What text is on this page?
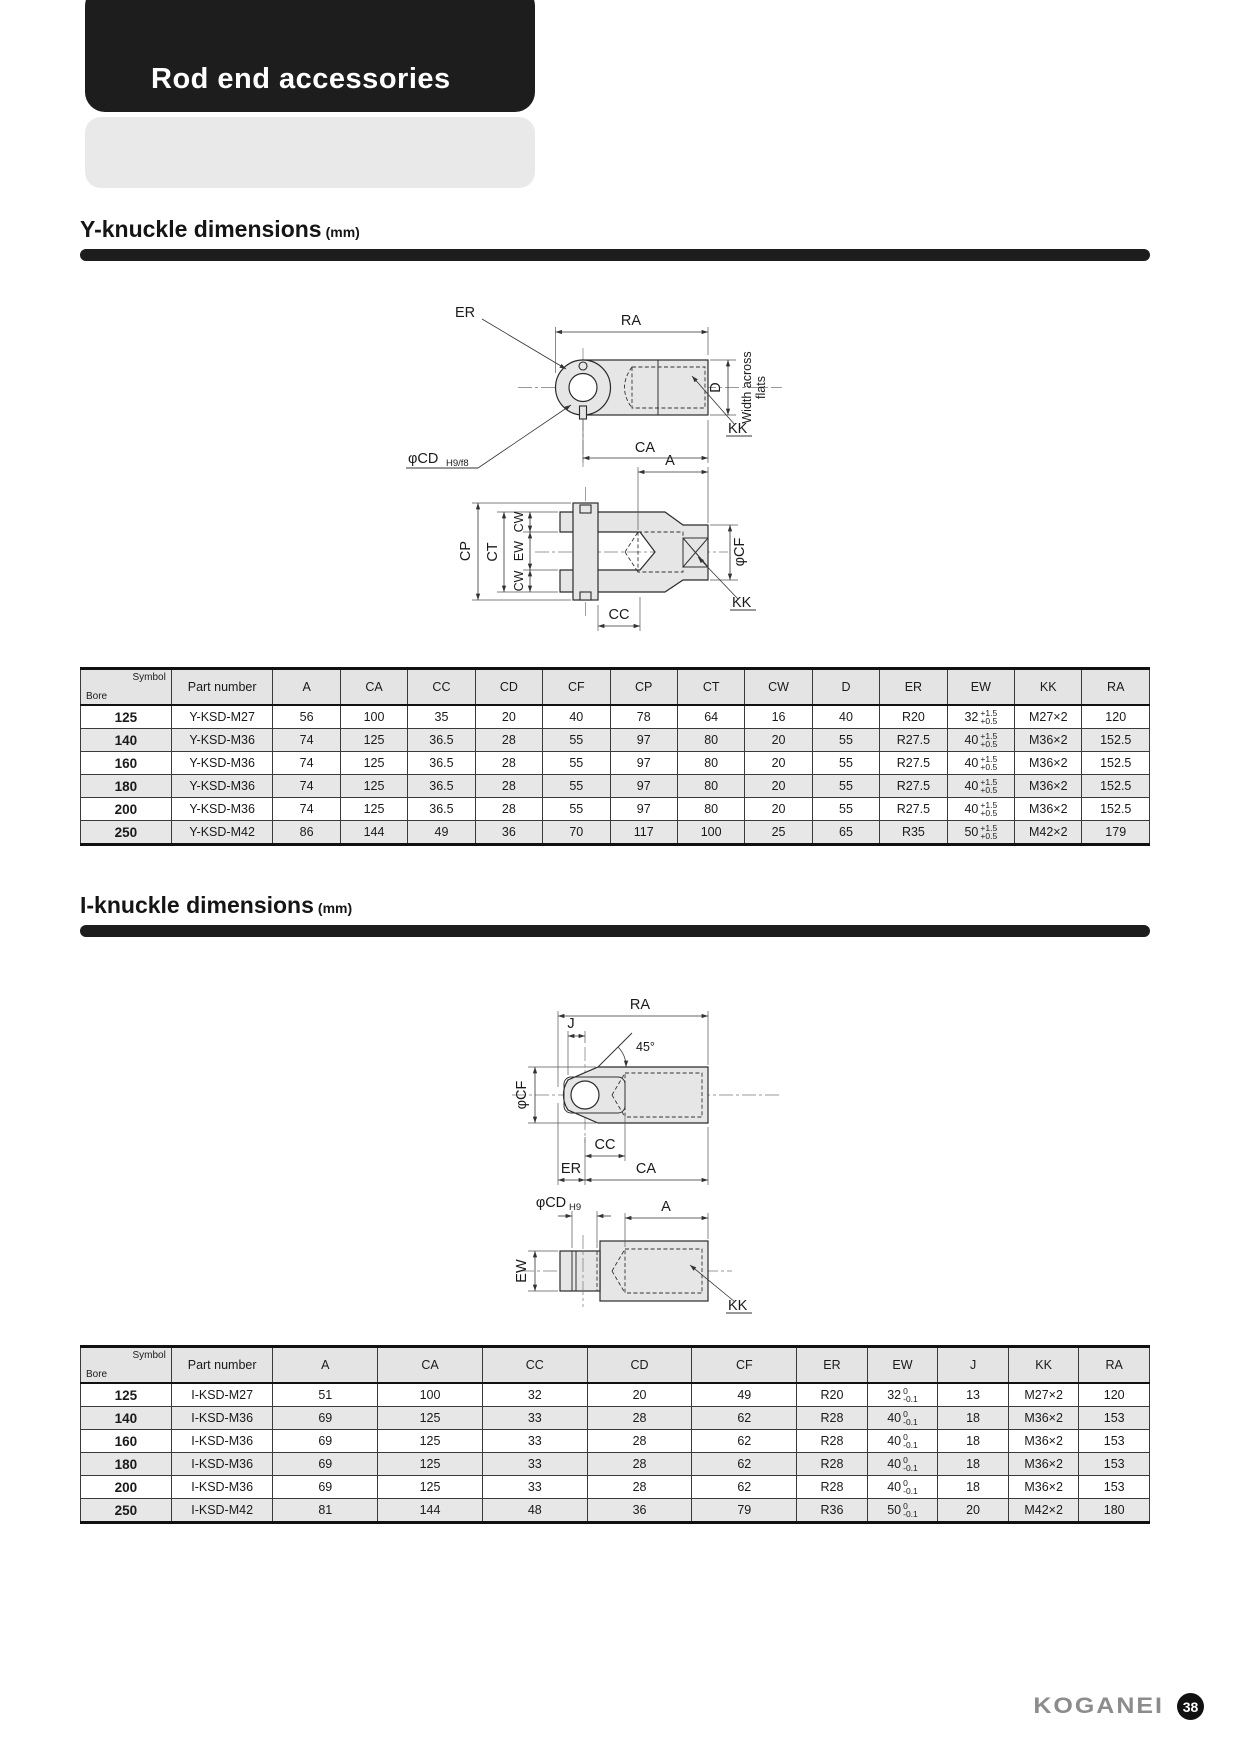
Rod end accessories
Y-knuckle dimensions (mm)
RA
ER
D Width across flats
KK
CA
φCD H9/f8	A
CP CT
CW
EW
CW
φCF
CC
KK
Symbol
Bore	Part number	A	CA	CC	CD	CF	CP	CT	CW	D	ER	EW	KK	RA
125	Y-KSD-M27	56	100	35	20	40	78	64	16	40	R20	32 +1.5
+0.5	M27×2	120
140	Y-KSD-M36	74	125	36.5	28	55	97	80	20	55	R27.5	40 +1.5
+0.5	M36×2	152.5
160	Y-KSD-M36	74	125	36.5	28	55	97	80	20	55	R27.5	40 +1.5
+0.5	M36×2	152.5
180	Y-KSD-M36	74	125	36.5	28	55	97	80	20	55	R27.5	40 +1.5
+0.5	M36×2	152.5
200	Y-KSD-M36	74	125	36.5	28	55	97	80	20	55	R27.5	40 +1.5
+0.5	M36×2	152.5
250	Y-KSD-M42	86	144	49	36	70	117	100	25	65	R35	50 +1.5
+0.5	M42×2	179
I-knuckle dimensions (mm)
45°
J
RA
φCF
CC
ER	CA
φCD H9	A
EW
KK
Symbol
Bore	Part number	A	CA	CC	CD	CF	ER	EW	J	KK	RA
125	I-KSD-M27	51	100	32	20	49	R20	32 0
-0.1	13	M27×2	120
140	I-KSD-M36	69	125	33	28	62	R28	40 0
-0.1	18	M36×2	153
160	I-KSD-M36	69	125	33	28	62	R28	40 0
-0.1	18	M36×2	153
180	I-KSD-M36	69	125	33	28	62	R28	40 0
-0.1	18	M36×2	153
200	I-KSD-M36	69	125	33	28	62	R28	40 0
-0.1	18	M36×2	153
250	I-KSD-M42	81	144	48	36	79	R36	50 0
-0.1	20	M42×2	180
KOGANEI 38
